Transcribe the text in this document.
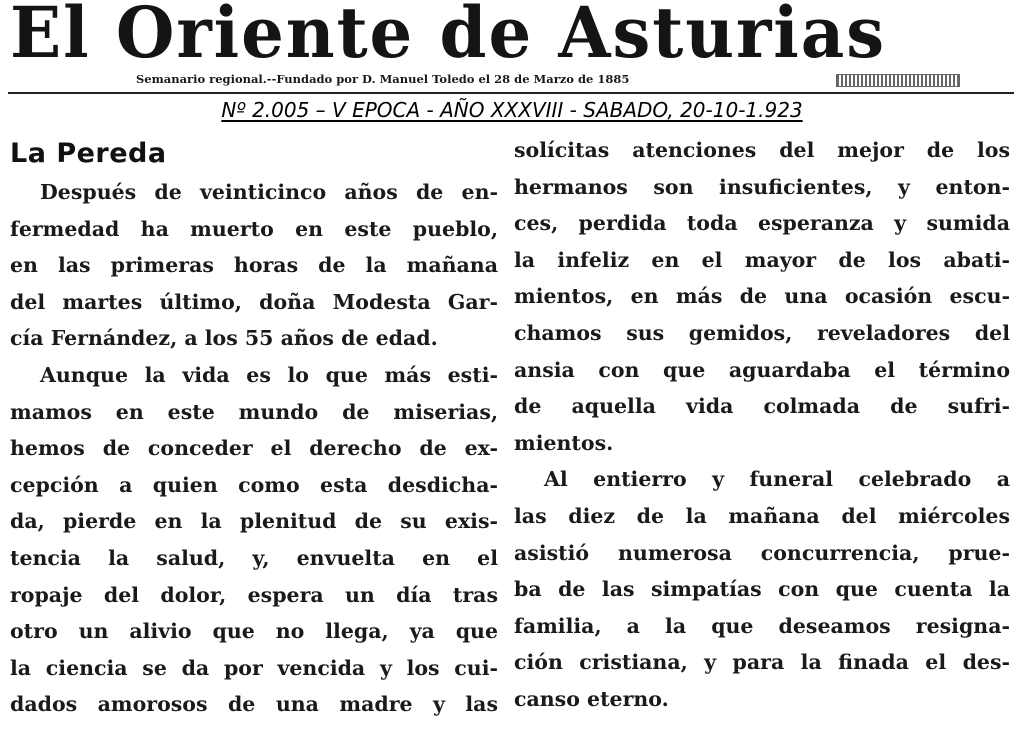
El Oriente de Asturias
Semanario regional.--Fundado por D. Manuel Toledo el 28 de Marzo de 1885
Nº 2.005 – V EPOCA - AÑO XXXVIII - SABADO, 20-10-1.923
La Pereda
Después de veinticinco años de en-
fermedad ha muerto en este pueblo,
en las primeras horas de la mañana
del martes último, doña Modesta Gar-
cía Fernández, a los 55 años de edad.
Aunque la vida es lo que más esti-
mamos en este mundo de miserias,
hemos de conceder el derecho de ex-
cepción a quien como esta desdicha-
da, pierde en la plenitud de su exis-
tencia la salud, y, envuelta en el
ropaje del dolor, espera un día tras
otro un alivio que no llega, ya que
la ciencia se da por vencida y los cui-
dados amorosos de una madre y las
solícitas atenciones del mejor de los
hermanos son insuficientes, y enton-
ces, perdida toda esperanza y sumida
la infeliz en el mayor de los abati-
mientos, en más de una ocasión escu-
chamos sus gemidos, reveladores del
ansia con que aguardaba el término
de aquella vida colmada de sufri-
mientos.
Al entierro y funeral celebrado a
las diez de la mañana del miércoles
asistió numerosa concurrencia, prue-
ba de las simpatías con que cuenta la
familia, a la que deseamos resigna-
ción cristiana, y para la finada el des-
canso eterno.
